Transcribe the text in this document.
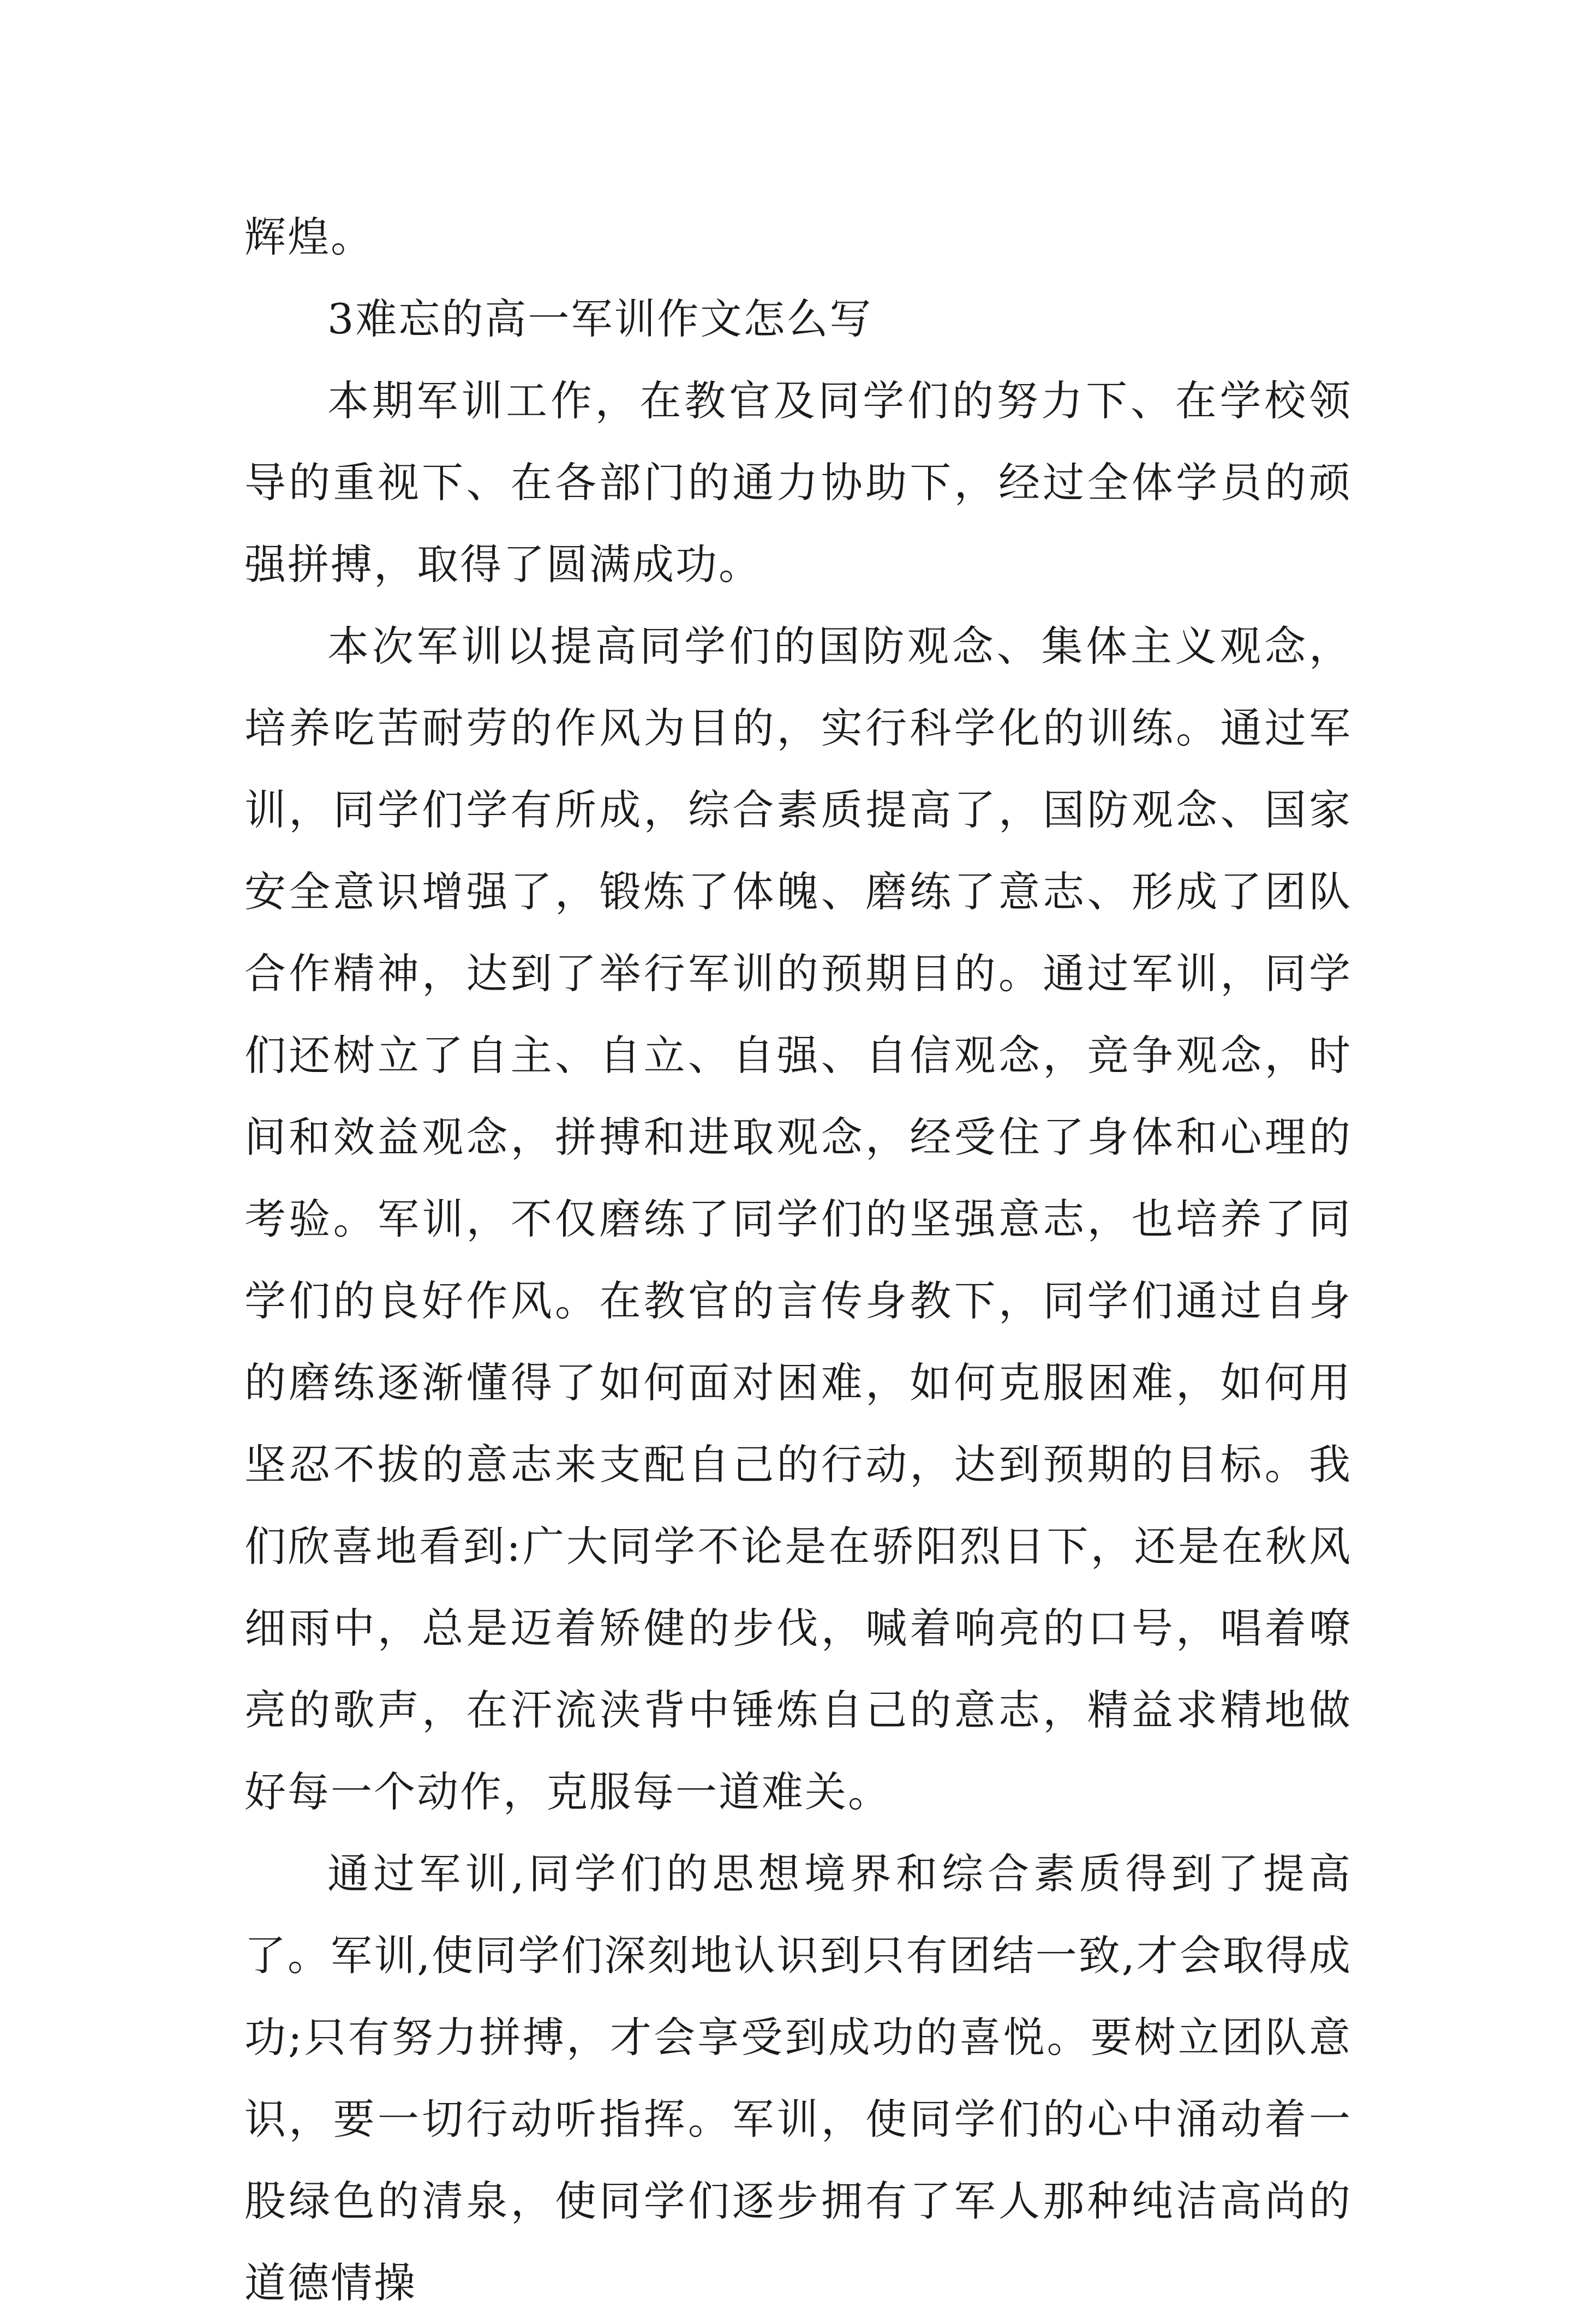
辉煌。

3难忘的高一军训作文怎么写

本期军训工作，在教官及同学们的努力下、在学校领导的重视下、在各部门的通力协助下，经过全体学员的顽强拼搏，取得了圆满成功。

本次军训以提高同学们的国防观念、集体主义观念，培养吃苦耐劳的作风为目的，实行科学化的训练。通过军训，同学们学有所成，综合素质提高了，国防观念、国家安全意识增强了，锻炼了体魄、磨练了意志、形成了团队合作精神，达到了举行军训的预期目的。通过军训，同学们还树立了自主、自立、自强、自信观念，竞争观念，时间和效益观念，拼搏和进取观念，经受住了身体和心理的考验。军训，不仅磨练了同学们的坚强意志，也培养了同学们的良好作风。在教官的言传身教下，同学们通过自身的磨练逐渐懂得了如何面对困难，如何克服困难，如何用坚忍不拔的意志来支配自己的行动，达到预期的目标。我们欣喜地看到:广大同学不论是在骄阳烈日下，还是在秋风细雨中，总是迈着矫健的步伐，喊着响亮的口号，唱着嘹亮的歌声，在汗流浃背中锤炼自己的意志，精益求精地做好每一个动作，克服每一道难关。

通过军训,同学们的思想境界和综合素质得到了提高了。军训,使同学们深刻地认识到只有团结一致,才会取得成功;只有努力拼搏，才会享受到成功的喜悦。要树立团队意识，要一切行动听指挥。军训，使同学们的心中涌动着一股绿色的清泉，使同学们逐步拥有了军人那种纯洁高尚的道德情操
